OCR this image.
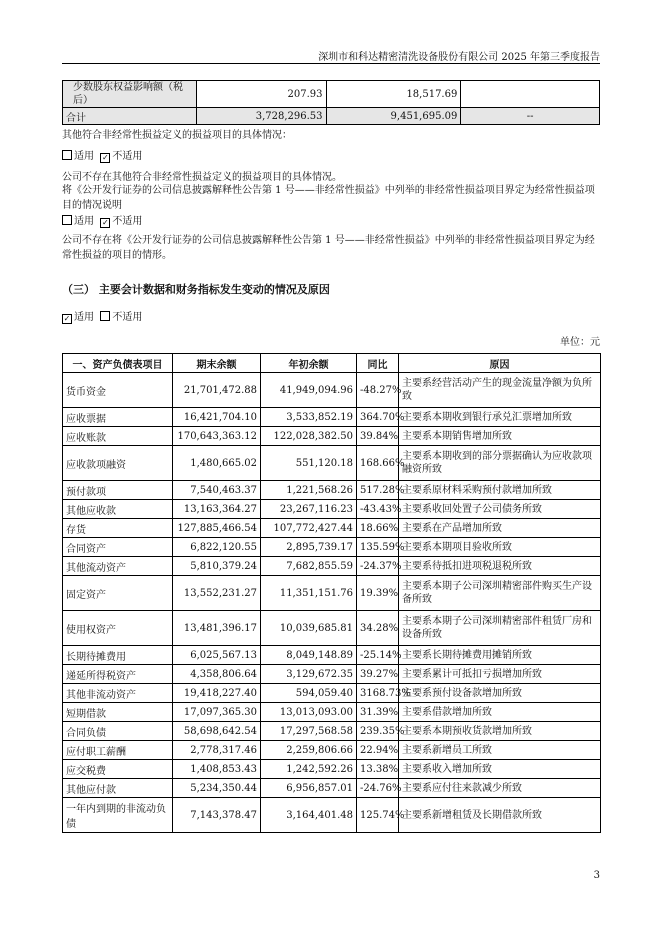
深圳市和科达精密清洗设备股份有限公司 2025 年第三季度报告
少数股东权益影响额（税后）	207.93	18,517.69	
合计	3,728,296.53	9,451,695.09	--
其他符合非经常性损益定义的损益项目的具体情况：
适用 ✓ 不适用
公司不存在其他符合非经常性损益定义的损益项目的具体情况。
将《公开发行证券的公司信息披露解释性公告第 1 号——非经常性损益》中列举的非经常性损益项目界定为经常性损益项目的情况说明
适用 ✓ 不适用
公司不存在将《公开发行证券的公司信息披露解释性公告第 1 号——非经常性损益》中列举的非经常性损益项目界定为经常性损益的项目的情形。
（三） 主要会计数据和财务指标发生变动的情况及原因
✓ 适用 不适用
单位：元
一、资产负债表项目	期末余额	年初余额	同比	原因
货币资金	21,701,472.88	41,949,094.96	-48.27%	主要系经营活动产生的现金流量净额为负所致
应收票据	16,421,704.10	3,533,852.19	364.70%	主要系本期收到银行承兑汇票增加所致
应收账款	170,643,363.12	122,028,382.50	39.84%	主要系本期销售增加所致
应收款项融资	1,480,665.02	551,120.18	168.66%	主要系本期收到的部分票据确认为应收款项融资所致
预付款项	7,540,463.37	1,221,568.26	517.28%	主要系原材料采购预付款增加所致
其他应收款	13,163,364.27	23,267,116.23	-43.43%	主要系收回处置子公司债务所致
存货	127,885,466.54	107,772,427.44	18.66%	主要系在产品增加所致
合同资产	6,822,120.55	2,895,739.17	135.59%	主要系本期项目验收所致
其他流动资产	5,810,379.24	7,682,855.59	-24.37%	主要系待抵扣进项税退税所致
固定资产	13,552,231.27	11,351,151.76	19.39%	主要系本期子公司深圳精密部件购买生产设备所致
使用权资产	13,481,396.17	10,039,685.81	34.28%	主要系本期子公司深圳精密部件租赁厂房和设备所致
长期待摊费用	6,025,567.13	8,049,148.89	-25.14%	主要系长期待摊费用摊销所致
递延所得税资产	4,358,806.64	3,129,672.35	39.27%	主要系累计可抵扣亏损增加所致
其他非流动资产	19,418,227.40	594,059.40	3168.73%	主要系预付设备款增加所致
短期借款	17,097,365.30	13,013,093.00	31.39%	主要系借款增加所致
合同负债	58,698,642.54	17,297,568.58	239.35%	主要系本期预收货款增加所致
应付职工薪酬	2,778,317.46	2,259,806.66	22.94%	主要系新增员工所致
应交税费	1,408,853.43	1,242,592.26	13.38%	主要系收入增加所致
其他应付款	5,234,350.44	6,956,857.01	-24.76%	主要系应付往来款减少所致
一年内到期的非流动负债	7,143,378.47	3,164,401.48	125.74%	主要系新增租赁及长期借款所致
3
